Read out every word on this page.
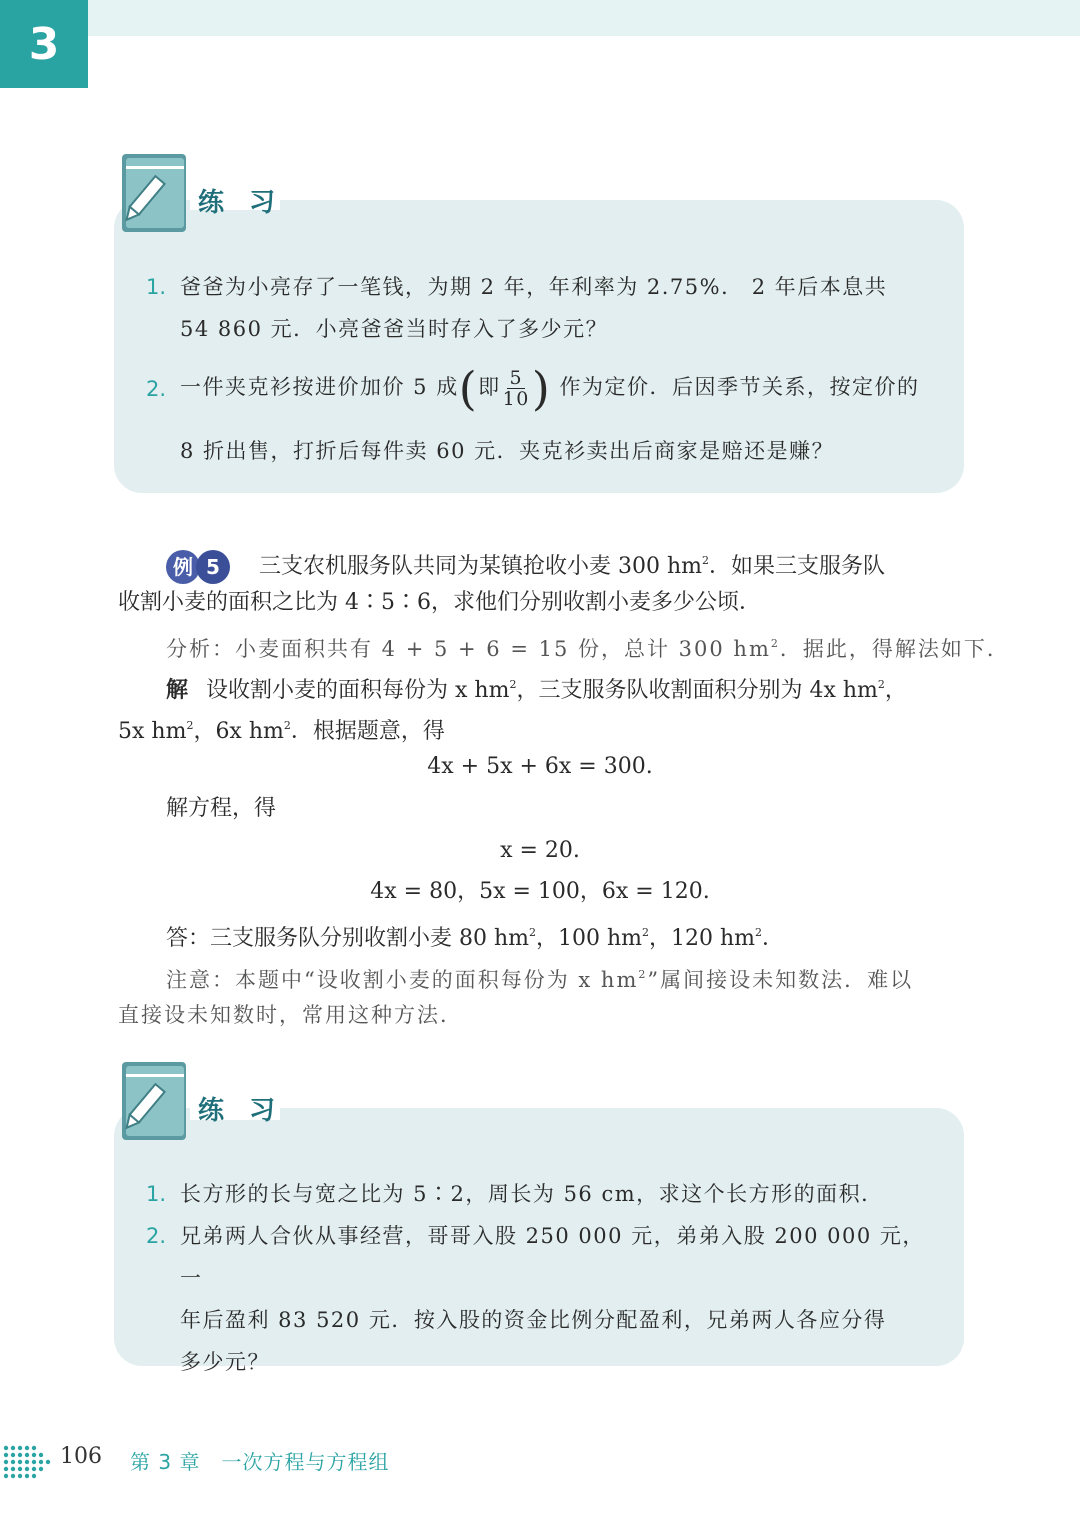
3
练 习
1. 爸爸为小亮存了一笔钱，为期 2 年，年利率为 2.75%． 2 年后本息共
54 860 元．小亮爸爸当时存入了多少元？
2. 一件夹克衫按进价加价 5 成(即 $\frac{5}{10}$ ) 作为定价．后因季节关系，按定价的
8 折出售，打折后每件卖 60 元．夹克衫卖出后商家是赔还是赚？
例 5 三支农机服务队共同为某镇抢收小麦 300 $hm^2$．如果三支服务队
收割小麦的面积之比为 4∶5∶6，求他们分别收割小麦多少公顷．
分析：小麦面积共有 4 + 5 + 6 = 15 份，总计 300 $hm^2$．据此，得解法如下．
解 设收割小麦的面积每份为 x $hm^2$，三支服务队收割面积分别为 4x $hm^2$，
5x $hm^2$，6x $hm^2$．根据题意，得
4x + 5x + 6x = 300.
解方程，得
x = 20.
4x = 80，5x = 100，6x = 120.
答：三支服务队分别收割小麦 80 $hm^2$，100 $hm^2$，120 $hm^2$．
注意：本题中“设收割小麦的面积每份为 x $hm^2$”属间接设未知数法．难以
直接设未知数时，常用这种方法．
练 习
1. 长方形的长与宽之比为 5∶2，周长为 56 cm，求这个长方形的面积．
2. 兄弟两人合伙从事经营，哥哥入股 250 000 元，弟弟入股 200 000 元，一
年后盈利 83 520 元．按入股的资金比例分配盈利，兄弟两人各应分得
多少元？
106 第 3 章　一次方程与方程组
